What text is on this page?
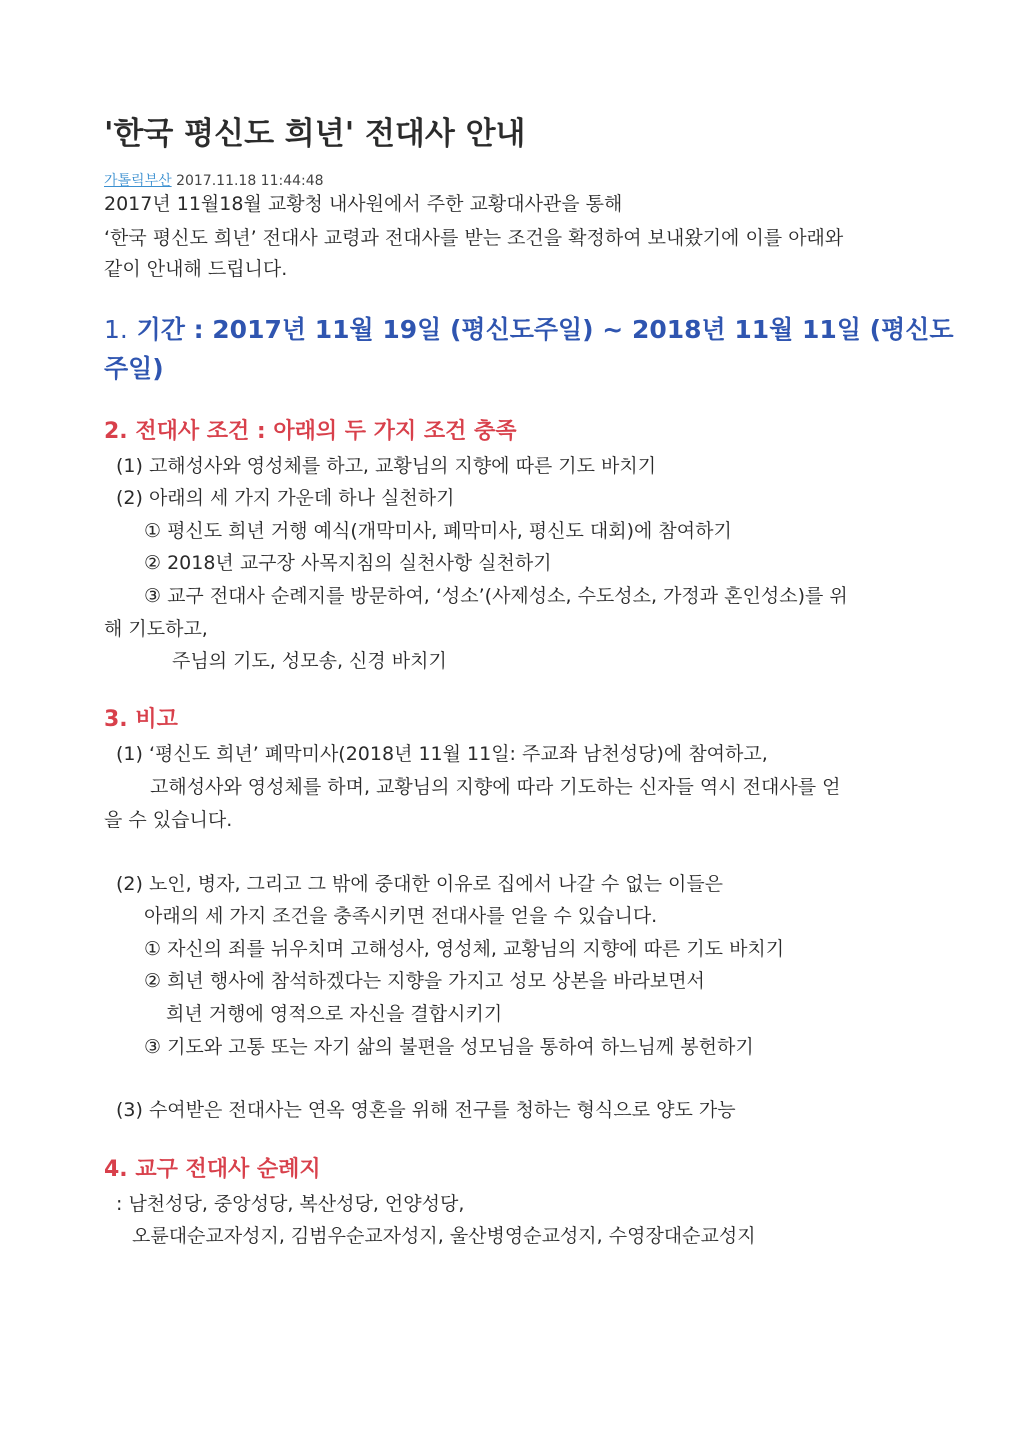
'한국 평신도 희년' 전대사 안내
가톨릭부산 2017.11.18 11:44:48
2017년 11월18월 교황청 내사원에서 주한 교황대사관을 통해
‘한국 평신도 희년’ 전대사 교령과 전대사를 받는 조건을 확정하여 보내왔기에 이를 아래와
같이 안내해 드립니다.
1. 기간 : 2017년 11월 19일 (평신도주일) ~ 2018년 11월 11일 (평신도
주일)
2. 전대사 조건 : 아래의 두 가지 조건 충족
(1) 고해성사와 영성체를 하고, 교황님의 지향에 따른 기도 바치기
(2) 아래의 세 가지 가운데 하나 실천하기
① 평신도 희년 거행 예식(개막미사, 폐막미사, 평신도 대회)에 참여하기
② 2018년 교구장 사목지침의 실천사항 실천하기
③ 교구 전대사 순례지를 방문하여, ‘성소’(사제성소, 수도성소, 가정과 혼인성소)를 위
해 기도하고,
주님의 기도, 성모송, 신경 바치기
3. 비고
(1) ‘평신도 희년’ 폐막미사(2018년 11월 11일: 주교좌 남천성당)에 참여하고,
고해성사와 영성체를 하며, 교황님의 지향에 따라 기도하는 신자들 역시 전대사를 얻
을 수 있습니다.
(2) 노인, 병자, 그리고 그 밖에 중대한 이유로 집에서 나갈 수 없는 이들은
아래의 세 가지 조건을 충족시키면 전대사를 얻을 수 있습니다.
① 자신의 죄를 뉘우치며 고해성사, 영성체, 교황님의 지향에 따른 기도 바치기
② 희년 행사에 참석하겠다는 지향을 가지고 성모 상본을 바라보면서
희년 거행에 영적으로 자신을 결합시키기
③ 기도와 고통 또는 자기 삶의 불편을 성모님을 통하여 하느님께 봉헌하기
(3) 수여받은 전대사는 연옥 영혼을 위해 전구를 청하는 형식으로 양도 가능
4. 교구 전대사 순례지
: 남천성당, 중앙성당, 복산성당, 언양성당,
오륜대순교자성지, 김범우순교자성지, 울산병영순교성지, 수영장대순교성지
